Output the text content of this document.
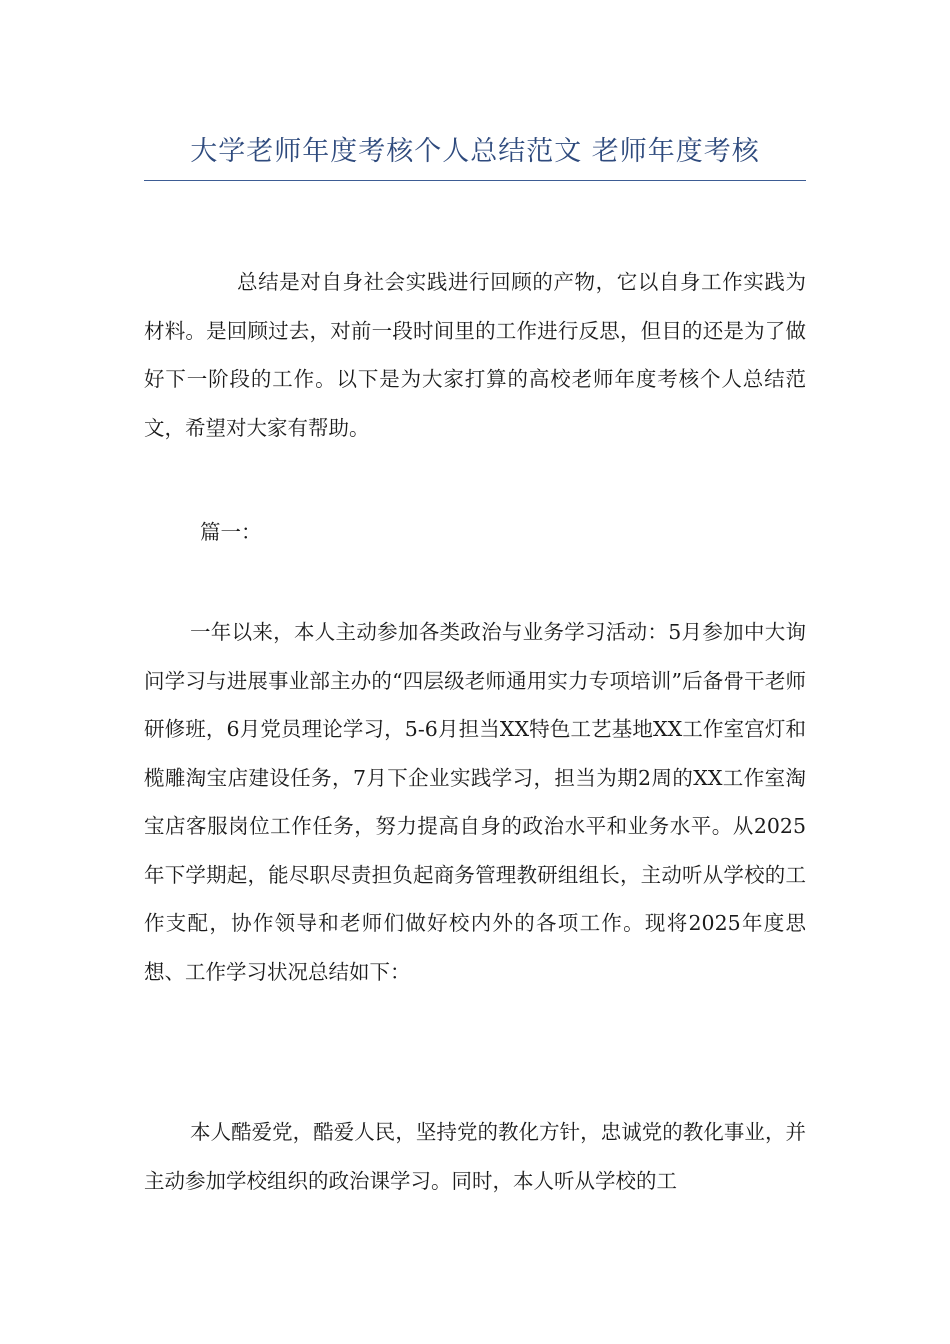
大学老师年度考核个人总结范文 老师年度考核

总结是对自身社会实践进行回顾的产物，它以自身工作实践为材料。是回顾过去，对前一段时间里的工作进行反思，但目的还是为了做好下一阶段的工作。以下是为大家打算的高校老师年度考核个人总结范文，希望对大家有帮助。

篇一：

一年以来，本人主动参加各类政治与业务学习活动：5月参加中大询问学习与进展事业部主办的“四层级老师通用实力专项培训”后备骨干老师研修班，6月党员理论学习，5-6月担当XX特色工艺基地XX工作室宫灯和榄雕淘宝店建设任务，7月下企业实践学习，担当为期2周的XX工作室淘宝店客服岗位工作任务，努力提高自身的政治水平和业务水平。从2025年下学期起，能尽职尽责担负起商务管理教研组组长，主动听从学校的工作支配，协作领导和老师们做好校内外的各项工作。现将2025年度思想、工作学习状况总结如下：

本人酷爱党，酷爱人民，坚持党的教化方针，忠诚党的教化事业，并主动参加学校组织的政治课学习。同时，本人听从学校的工
